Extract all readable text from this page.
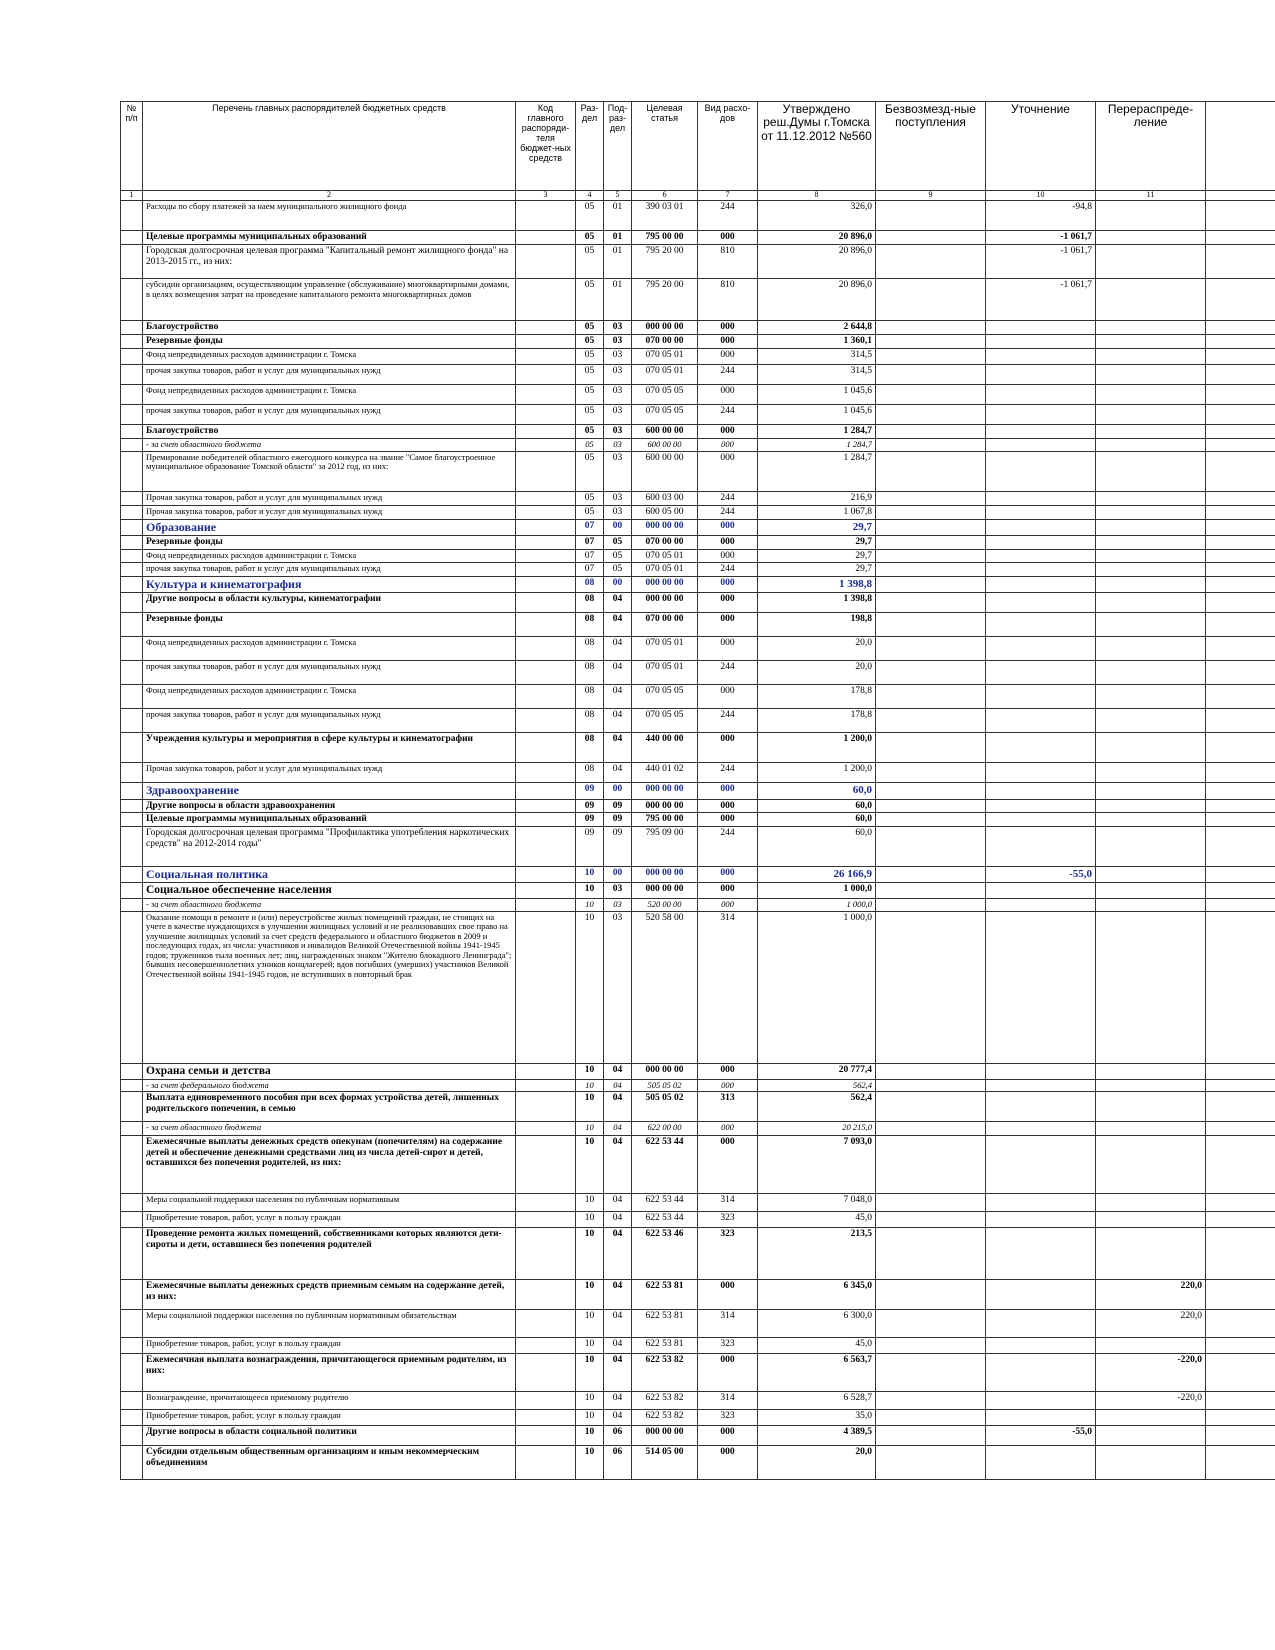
№ п/п	Перечень главных распорядителей бюджетных средств	Код главного распоряди-теля бюджет-ных средств	Раз-дел	Под-раз-дел	Целевая статья	Вид расхо-дов	Утверждено реш.Думы г.Томска от 11.12.2012 №560	Безвозмезд-ные поступления	Уточнение	Перераспреде-ление	
1	2	3	4	5	6	7	8	9	10	11	
	Расходы по сбору платежей за наем муниципального жилищного фонда		05	01	390 03 01	244	326,0		-94,8		
	Целевые программы муниципальных образований		05	01	795 00 00	000	20 896,0		-1 061,7		
	Городская долгосрочная целевая программа "Капитальный ремонт жилищного фонда" на 2013-2015 гг., из них:		05	01	795 20 00	810	20 896,0		-1 061,7		
	субсидии организациям, осуществляющим управление (обслуживание) многоквартирными домами, в целях возмещения затрат на проведение капитального ремонта многоквартирных домов		05	01	795 20 00	810	20 896,0		-1 061,7		
	Благоустройство		05	03	000 00 00	000	2 644,8				
	Резервные фонды		05	03	070 00 00	000	1 360,1				
	Фонд непредвиденных расходов администрации г. Томска		05	03	070 05 01	000	314,5				
	прочая закупка товаров, работ и услуг для муниципальных нужд		05	03	070 05 01	244	314,5				
	Фонд непредвиденных расходов администрации г. Томска		05	03	070 05 05	000	1 045,6				
	прочая закупка товаров, работ и услуг для муниципальных нужд		05	03	070 05 05	244	1 045,6				
	Благоустройство		05	03	600 00 00	000	1 284,7				
	- за счет областного бюджета		05	03	600 00 00	000	1 284,7				
	Премирование победителей областного ежегодного конкурса на звание "Самое благоустроенное муниципальное образование Томской области" за 2012 год, из них:		05	03	600 00 00	000	1 284,7				
	Прочая закупка товаров, работ и услуг для муниципальных нужд		05	03	600 03 00	244	216,9				
	Прочая закупка товаров, работ и услуг для муниципальных нужд		05	03	600 05 00	244	1 067,8				
	Образование		07	00	000 00 00	000	29,7				
	Резервные фонды		07	05	070 00 00	000	29,7				
	Фонд непредвиденных расходов администрации г. Томска		07	05	070 05 01	000	29,7				
	прочая закупка товаров, работ и услуг для муниципальных нужд		07	05	070 05 01	244	29,7				
	Культура и кинематография		08	00	000 00 00	000	1 398,8				
	Другие вопросы в области культуры, кинематографии		08	04	000 00 00	000	1 398,8				
	Резервные фонды		08	04	070 00 00	000	198,8				
	Фонд непредвиденных расходов администрации г. Томска		08	04	070 05 01	000	20,0				
	прочая закупка товаров, работ и услуг для муниципальных нужд		08	04	070 05 01	244	20,0				
	Фонд непредвиденных расходов администрации г. Томска		08	04	070 05 05	000	178,8				
	прочая закупка товаров, работ и услуг для муниципальных нужд		08	04	070 05 05	244	178,8				
	Учреждения культуры и мероприятия в сфере культуры и кинематографии		08	04	440 00 00	000	1 200,0				
	Прочая закупка товаров, работ и услуг для муниципальных нужд		08	04	440 01 02	244	1 200,0				
	Здравоохранение		09	00	000 00 00	000	60,0				
	Другие вопросы в области здравоохранения		09	09	000 00 00	000	60,0				
	Целевые программы муниципальных образований		09	09	795 00 00	000	60,0				
	Городская долгосрочная целевая программа "Профилактика употребления наркотических средств" на 2012-2014 годы"		09	09	795 09 00	244	60,0				
	Социальная политика		10	00	000 00 00	000	26 166,9		-55,0		
	Социальное обеспечение населения		10	03	000 00 00	000	1 000,0				
	- за счет областного бюджета		10	03	520 00 00	000	1 000,0				
	Оказание помощи в ремонте и (или) переустройстве жилых помещений граждан, не стоящих на учете в качестве нуждающихся в улучшении жилищных условий и не реализовавших свое право на улучшение жилищных условий за счет средств федерального и областного бюджетов в 2009 и последующих годах, из числа: участников и инвалидов Великой Отечественной войны 1941-1945 годов; тружеников тыла военных лет; лиц, награжденных знаком "Жителю блокадного Ленинграда"; бывших несовершеннолетних узников концлагерей; вдов погибших (умерших) участников Великой Отечественной войны 1941-1945 годов, не вступивших в повторный брак		10	03	520 58 00	314	1 000,0				
	Охрана семьи и детства		10	04	000 00 00	000	20 777,4				
	- за счет федерального бюджета		10	04	505 05 02	000	562,4				
	Выплата единовременного пособия при всех формах устройства детей, лишенных родительского попечения, в семью		10	04	505 05 02	313	562,4				
	- за счет областного бюджета		10	04	622 00 00	000	20 215,0				
	Ежемесячные выплаты денежных средств опекунам (попечителям) на содержание детей и обеспечение денежными средствами лиц из числа детей-сирот и детей, оставшихся без попечения родителей, из них:		10	04	622 53 44	000	7 093,0				
	Меры социальной поддержки населения по публичным нормативным		10	04	622 53 44	314	7 048,0				
	Приобретение товаров, работ, услуг в пользу граждан		10	04	622 53 44	323	45,0				
	Проведение ремонта жилых помещений, собственниками которых являются дети-сироты и дети, оставшиеся без попечения родителей		10	04	622 53 46	323	213,5				
	Ежемесячные выплаты денежных средств приемным семьям на содержание детей, из них:		10	04	622 53 81	000	6 345,0			220,0	
	Меры социальной поддержки населения по публичным нормативным обязательствам		10	04	622 53 81	314	6 300,0			220,0	
	Приобретение товаров, работ, услуг в пользу граждан		10	04	622 53 81	323	45,0				
	Ежемесячная выплата вознаграждения, причитающегося приемным родителям, из них:		10	04	622 53 82	000	6 563,7			-220,0	
	Вознаграждение, причитающееся приемному родителю		10	04	622 53 82	314	6 528,7			-220,0	
	Приобретение товаров, работ, услуг в пользу граждан		10	04	622 53 82	323	35,0				
	Другие вопросы в области социальной политики		10	06	000 00 00	000	4 389,5		-55,0		
	Субсидии отдельным общественным организациям и иным некоммерческим объединениям		10	06	514 05 00	000	20,0				
